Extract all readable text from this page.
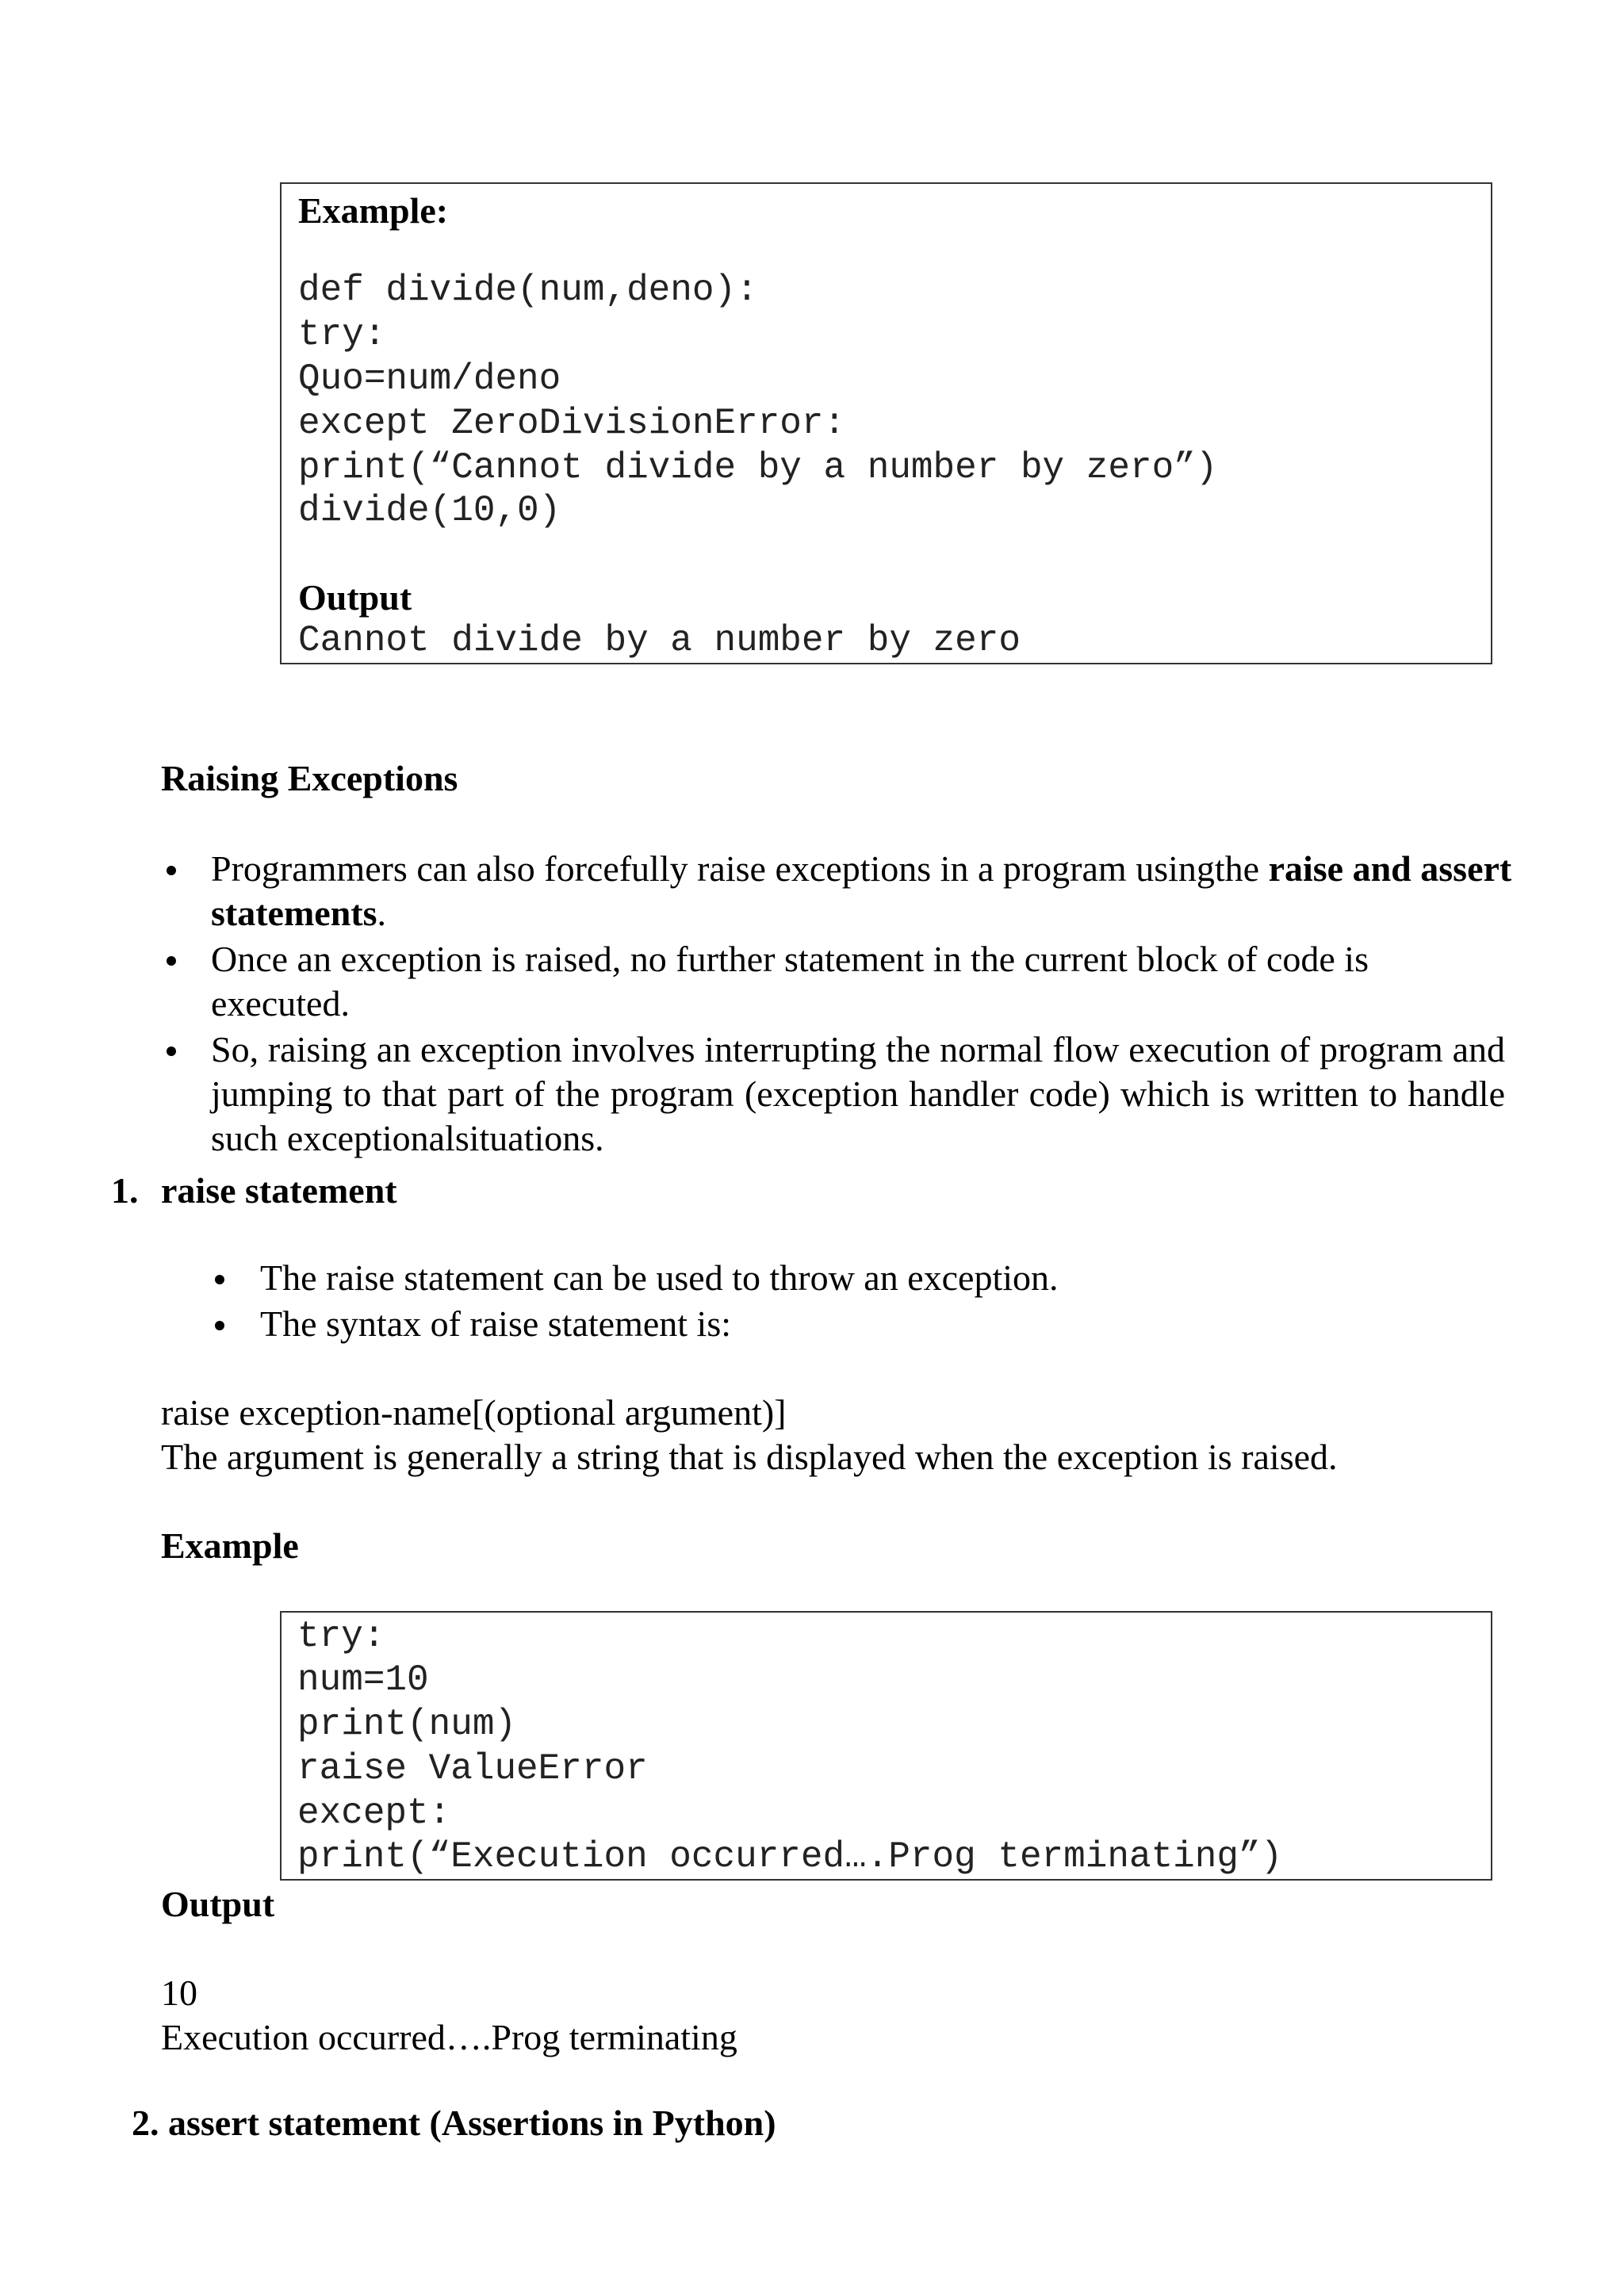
Example:
def divide(num,deno):
try:
Quo=num/deno
except ZeroDivisionError:
print(“Cannot divide by a number by zero”)
divide(10,0)
Output
Cannot divide by a number by zero
Raising Exceptions
Programmers can also forcefully raise exceptions in a program usingthe raise and assert statements.
Once an exception is raised, no further statement in the current block of code is executed.
So, raising an exception involves interrupting the normal flow execution of program and jumping to that part of the program (exception handler code) which is written to handle such exceptionalsituations.
1. raise statement
The raise statement can be used to throw an exception.
The syntax of raise statement is:
raise exception-name[(optional argument)]
The argument is generally a string that is displayed when the exception is raised.
Example
try:
num=10
print(num)
raise ValueError
except:
print(“Execution occurred….Prog terminating”)
Output
10
Execution occurred….Prog terminating
2. assert statement (Assertions in Python)
